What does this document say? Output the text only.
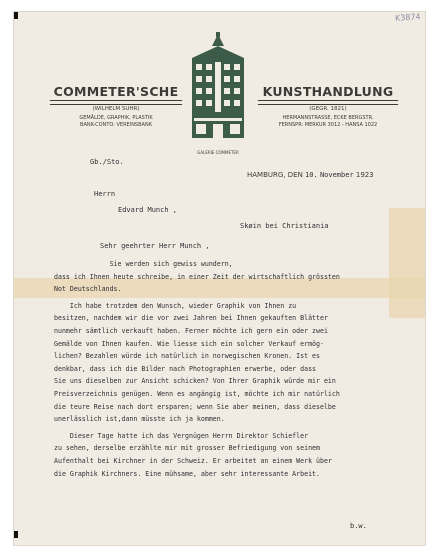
K3874
COMMETER'SCHE
(WILHELM SUHR)
GEMÄLDE, GRAPHIK, PLASTIK
BANK-CONTO: VEREINSBANK
GALERIE COMMETER
KUNSTHANDLUNG
(GEGR. 1821)
HERMANNSTRASSE, ECKE BERGSTR.
FERNSPR: MERKUR 3012 - HANSA 1022
Gb./Sto.
HAMBURG, DEN 10. November 1923
Herrn
Edvard Munch ,
Skøin bei Christiania
Sehr geehrter Herr Munch ,

Sie werden sich gewiss wundern,

dass ich Ihnen heute schreibe, in einer Zeit der wirtschaftlich grössten

Not Deutschlands.

Ich habe trotzdem den Wunsch, wieder Graphik von Ihnen zu

besitzen, nachdem wir die vor zwei Jahren bei Ihnen gekauften Blätter

nunmehr sämtlich verkauft haben. Ferner möchte ich gern ein oder zwei

Gemälde von Ihnen kaufen. Wie liesse sich ein solcher Verkauf ermög-

lichen? Bezahlen würde ich natürlich in norwegischen Kronen. Ist es

denkbar, dass ich die Bilder nach Photographien erwerbe, oder dass

Sie uns dieselben zur Ansicht schicken? Von Ihrer Graphik würde mir ein

Preisverzeichnis genügen. Wenn es angängig ist, möchte ich mir natürlich

die teure Reise nach dort ersparen; wenn Sie aber meinen, dass dieselbe

unerlässlich ist,dann müsste ich ja kommen.

Dieser Tage hatte ich das Vergnügen Herrn Direktor Schiefler

zu sehen, derselbe erzählte mir mit grosser Befriedigung von seinem

Aufenthalt bei Kirchner in der Schweiz. Er arbeitet an einem Werk über

die Graphik Kirchners. Eine mühsame, aber sehr interessante Arbeit.

b.w.
